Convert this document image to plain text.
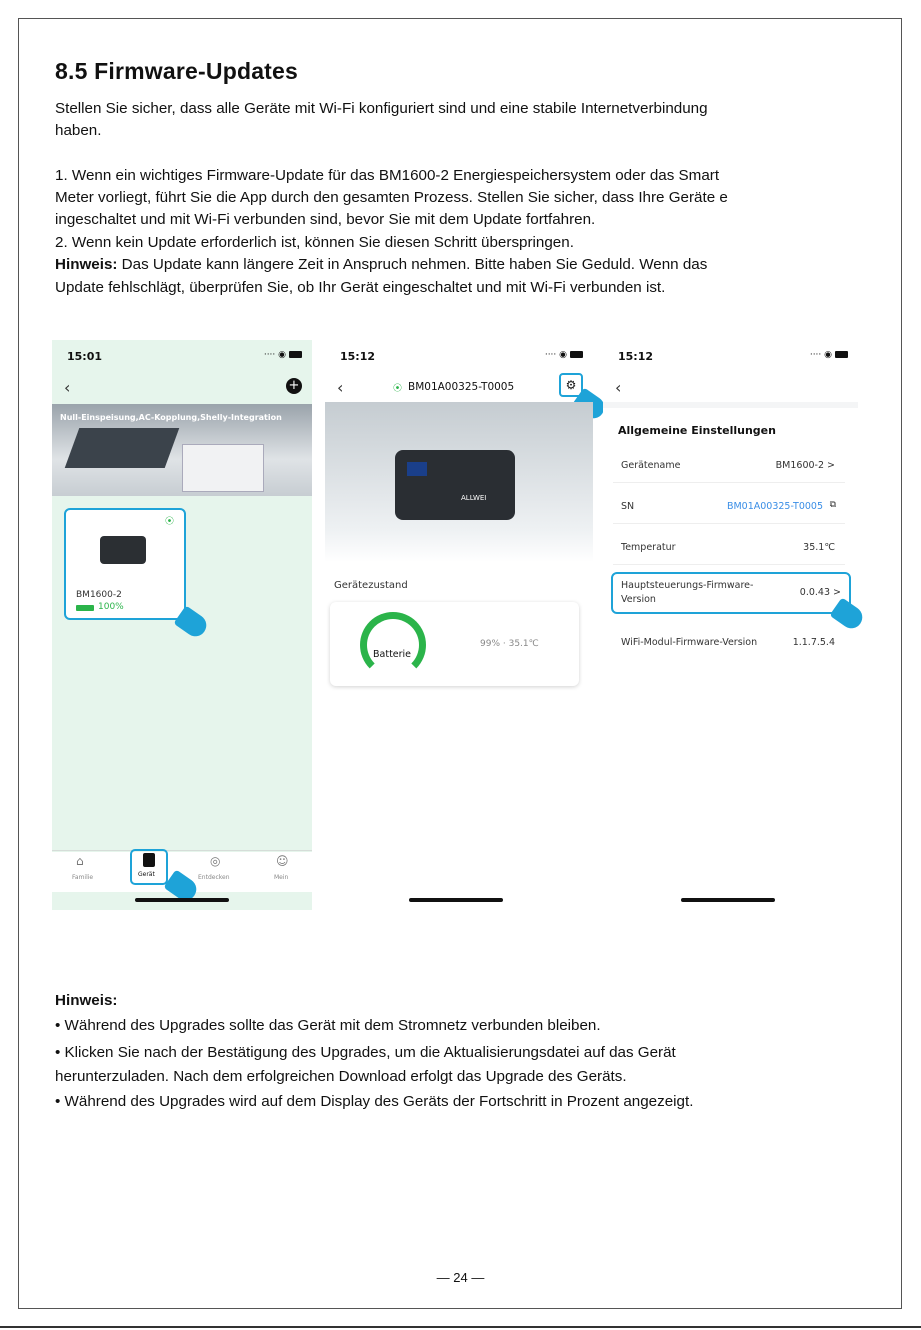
8.5 Firmware-Updates

Stellen Sie sicher, dass alle Geräte mit Wi-Fi konfiguriert sind und eine stabile Internetverbindung

haben.

1. Wenn ein wichtiges Firmware-Update für das BM1600-2 Energiespeichersystem oder das Smart

Meter vorliegt, führt Sie die App durch den gesamten Prozess. Stellen Sie sicher, dass Ihre Geräte e

ingeschaltet und mit Wi-Fi verbunden sind, bevor Sie mit dem Update fortfahren.

2. Wenn kein Update erforderlich ist, können Sie diesen Schritt überspringen.

Hinweis: Das Update kann längere Zeit in Anspruch nehmen. Bitte haben Sie Geduld. Wenn das

Update fehlschlägt, überprüfen Sie, ob Ihr Gerät eingeschaltet und mit Wi-Fi verbunden ist.

15:01	···· ◉
‹	+
Null-Einspeisung,AC-Kopplung,Shelly-Integration
⦿
BM1600-2
100%
⌂
Familie	Gerät
◎
Entdecken
☺
Mein
15:12	···· ◉
‹	⦿ BM01A00325-T0005	⚙
ALLWEI
Gerätezustand
Batterie
99% · 35.1℃
15:12	···· ◉
‹
Allgemeine Einstellungen
Gerätename	BM1600-2 >
SN	BM01A00325-T0005 ⧉
Temperatur	35.1℃
Hauptsteuerungs-Firmware-
Version
0.0.43 >
WiFi-Modul-Firmware-Version	1.1.7.5.4

Hinweis:

• Während des Upgrades sollte das Gerät mit dem Stromnetz verbunden bleiben.

• Klicken Sie nach der Bestätigung des Upgrades, um die Aktualisierungsdatei auf das Gerät

herunterzuladen. Nach dem erfolgreichen Download erfolgt das Upgrade des Geräts.

• Während des Upgrades wird auf dem Display des Geräts der Fortschritt in Prozent angezeigt.

— 24 —
